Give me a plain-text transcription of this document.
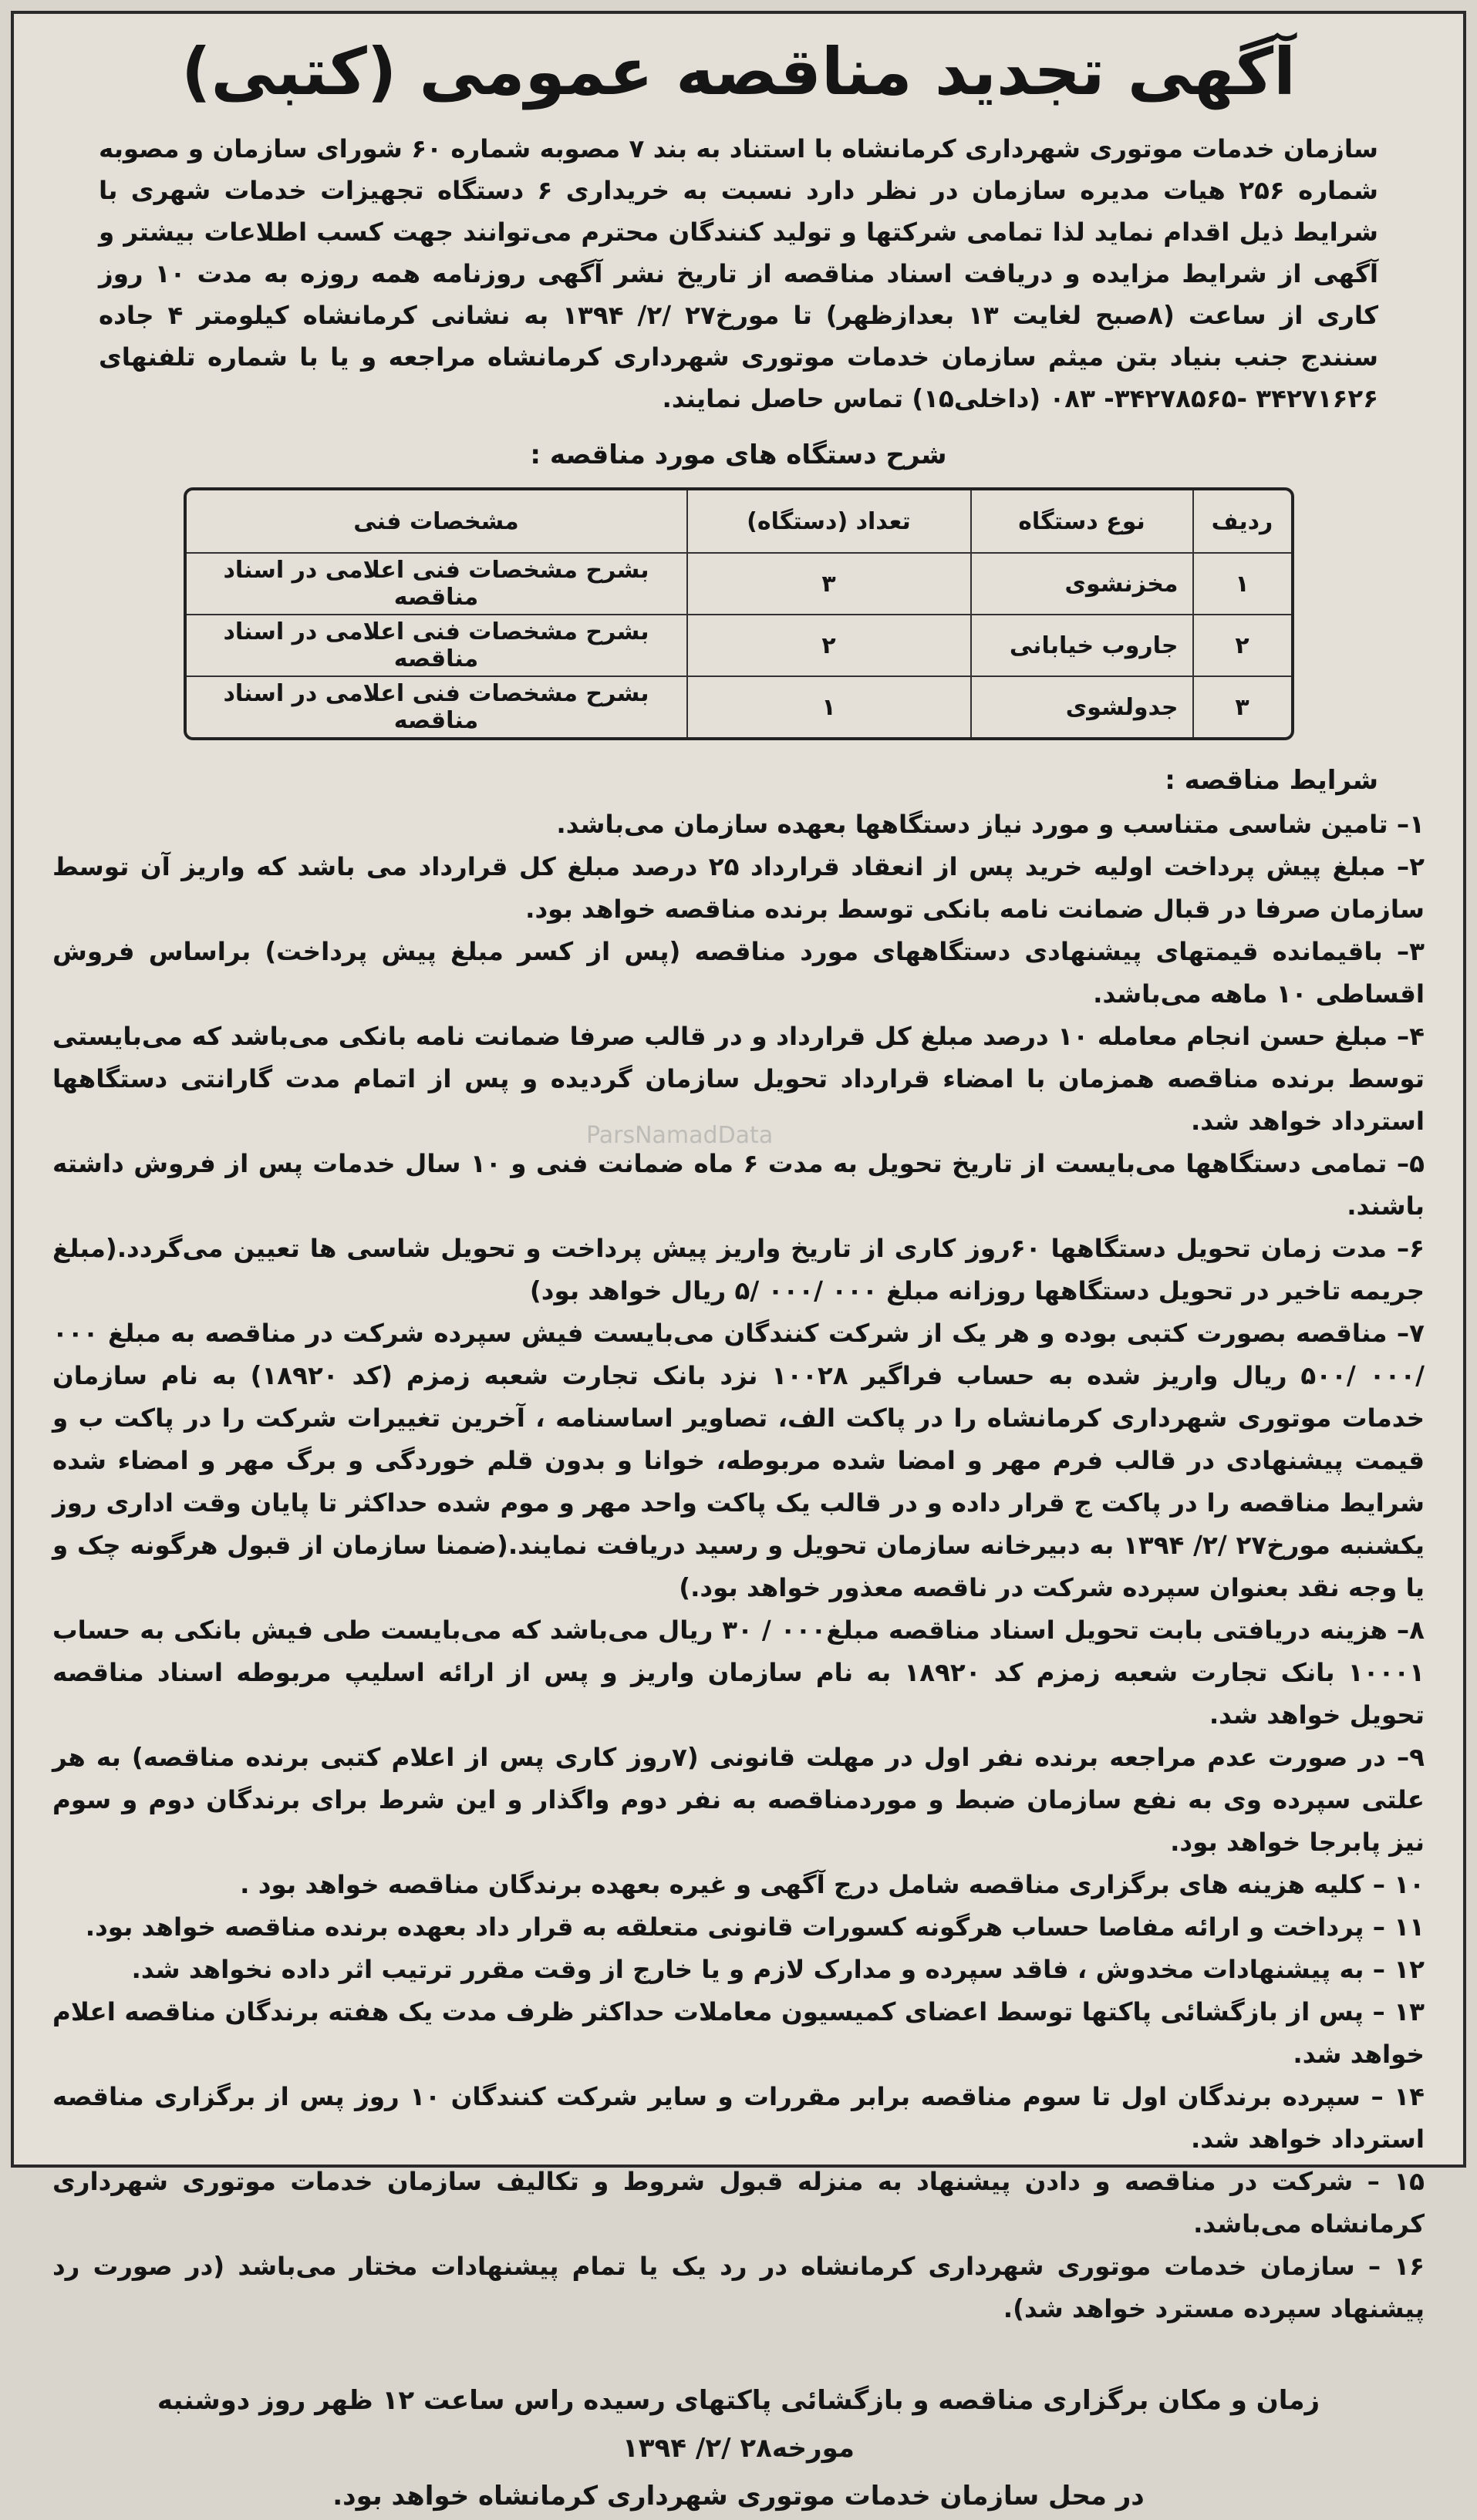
آگهی تجدید مناقصه عمومی (کتبی)
سازمان خدمات موتوری شهرداری کرمانشاه با استناد به بند ۷ مصوبه شماره ۶۰ شورای سازمان و مصوبه شماره ۲۵۶ هیات مدیره سازمان در نظر دارد نسبت به خریداری ۶ دستگاه تجهیزات خدمات شهری با شرایط ذیل اقدام نماید لذا تمامی شرکتها و تولید کنندگان محترم می‌توانند جهت کسب اطلاعات بیشتر و آگهی از شرایط مزایده و دریافت اسناد مناقصه از تاریخ نشر آگهی روزنامه همه روزه به مدت ۱۰ روز کاری از ساعت (۸صبح لغایت ۱۳ بعدازظهر) تا مورخ۲۷ /۲/ ۱۳۹۴ به نشانی کرمانشاه کیلومتر ۴ جاده سنندج جنب بنیاد بتن میثم سازمان خدمات موتوری شهرداری کرمانشاه مراجعه و یا با شماره تلفنهای ۳۴۲۷۱۶۲۶ -۳۴۲۷۸۵۶۵- ۰۸۳ (داخلی۱۵) تماس حاصل نمایند.
شرح دستگاه های مورد مناقصه :
ردیف	نوع دستگاه	تعداد (دستگاه)	مشخصات فنی
۱	مخزنشوی	۳	بشرح مشخصات فنی اعلامی در اسناد مناقصه
۲	جاروب خیابانی	۲	بشرح مشخصات فنی اعلامی در اسناد مناقصه
۳	جدولشوی	۱	بشرح مشخصات فنی اعلامی در اسناد مناقصه
شرایط مناقصه :

۱– تامین شاسی متناسب و مورد نیاز دستگاهها بعهده سازمان می‌باشد.

۲– مبلغ پیش پرداخت اولیه خرید پس از انعقاد قرارداد ۲۵ درصد مبلغ کل قرارداد می باشد که واریز آن توسط سازمان صرفا در قبال ضمانت نامه بانکی توسط برنده مناقصه خواهد بود.

۳– باقیمانده قیمتهای پیشنهادی دستگاههای مورد مناقصه (پس از کسر مبلغ پیش پرداخت) براساس فروش اقساطی ۱۰ ماهه می‌باشد.

۴– مبلغ حسن انجام معامله ۱۰ درصد مبلغ کل قرارداد و در قالب صرفا ضمانت نامه بانکی می‌باشد که می‌بایستی توسط برنده مناقصه همزمان با امضاء قرارداد تحویل سازمان گردیده و پس از اتمام مدت گارانتی دستگاهها استرداد خواهد شد.

۵– تمامی دستگاهها می‌بایست از تاریخ تحویل به مدت ۶ ماه ضمانت فنی و ۱۰ سال خدمات پس از فروش داشته باشند.

۶– مدت زمان تحویل دستگاهها ۶۰روز کاری از تاریخ واریز پیش پرداخت و تحویل شاسی ها تعیین می‌گردد.(مبلغ جریمه تاخیر در تحویل دستگاهها روزانه مبلغ ۰۰۰ /۰۰۰ /۵ ریال خواهد بود)

۷– مناقصه بصورت کتبی بوده و هر یک از شرکت کنندگان می‌بایست فیش سپرده شرکت در مناقصه به مبلغ ۰۰۰ /۰۰۰ /۵۰۰ ریال واریز شده به حساب فراگیر ۱۰۰۲۸ نزد بانک تجارت شعبه زمزم (کد ۱۸۹۲۰) به نام سازمان خدمات موتوری شهرداری کرمانشاه را در پاکت الف، تصاویر اساسنامه ، آخرین تغییرات شرکت را در پاکت ب و قیمت پیشنهادی در قالب فرم مهر و امضا شده مربوطه، خوانا و بدون قلم خوردگی و برگ مهر و امضاء شده شرایط مناقصه را در پاکت ج قرار داده و در قالب یک پاکت واحد مهر و موم شده حداکثر تا پایان وقت اداری روز یکشنبه مورخ۲۷ /۲/ ۱۳۹۴ به دبیرخانه سازمان تحویل و رسید دریافت نمایند.(ضمنا سازمان از قبول هرگونه چک و یا وجه نقد بعنوان سپرده شرکت در ناقصه معذور خواهد بود.)

۸– هزینه دریافتی بابت تحویل اسناد مناقصه مبلغ۰۰۰ / ۳۰ ریال می‌باشد که می‌بایست طی فیش بانکی به حساب ۱۰۰۰۱ بانک تجارت شعبه زمزم کد ۱۸۹۲۰ به نام سازمان واریز و پس از ارائه اسلیپ مربوطه اسناد مناقصه تحویل خواهد شد.

۹– در صورت عدم مراجعه برنده نفر اول در مهلت قانونی (۷روز کاری پس از اعلام کتبی برنده مناقصه) به هر علتی سپرده وی به نفع سازمان ضبط و موردمناقصه به نفر دوم واگذار و این شرط برای برندگان دوم و سوم نیز پابرجا خواهد بود.

۱۰ – کلیه هزینه های برگزاری مناقصه شامل درج آگهی و غیره بعهده برندگان مناقصه خواهد بود .

۱۱ – پرداخت و ارائه مفاصا حساب هرگونه کسورات قانونی متعلقه به قرار داد بعهده برنده مناقصه خواهد بود.

۱۲ – به پیشنهادات مخدوش ، فاقد سپرده و مدارک لازم و یا خارج از وقت مقرر ترتیب اثر داده نخواهد شد.

۱۳ – پس از بازگشائی پاکتها توسط اعضای کمیسیون معاملات حداکثر ظرف مدت یک هفته برندگان مناقصه اعلام خواهد شد.

۱۴ – سپرده برندگان اول تا سوم مناقصه برابر مقررات و سایر شرکت کنندگان ۱۰ روز پس از برگزاری مناقصه استرداد خواهد شد.

۱۵ – شرکت در مناقصه و دادن پیشنهاد به منزله قبول شروط و تکالیف سازمان خدمات موتوری شهرداری کرمانشاه می‌باشد.

۱۶ – سازمان خدمات موتوری شهرداری کرمانشاه در رد یک یا تمام پیشنهادات مختار می‌باشد (در صورت رد پیشنهاد سپرده مسترد خواهد شد).

زمان و مکان برگزاری مناقصه و بازگشائی پاکتهای رسیده راس ساعت ۱۲ ظهر روز دوشنبه مورخه۲۸ /۲/ ۱۳۹۴
در محل سازمان خدمات موتوری شهرداری کرمانشاه خواهد بود.
ParsNamadData
